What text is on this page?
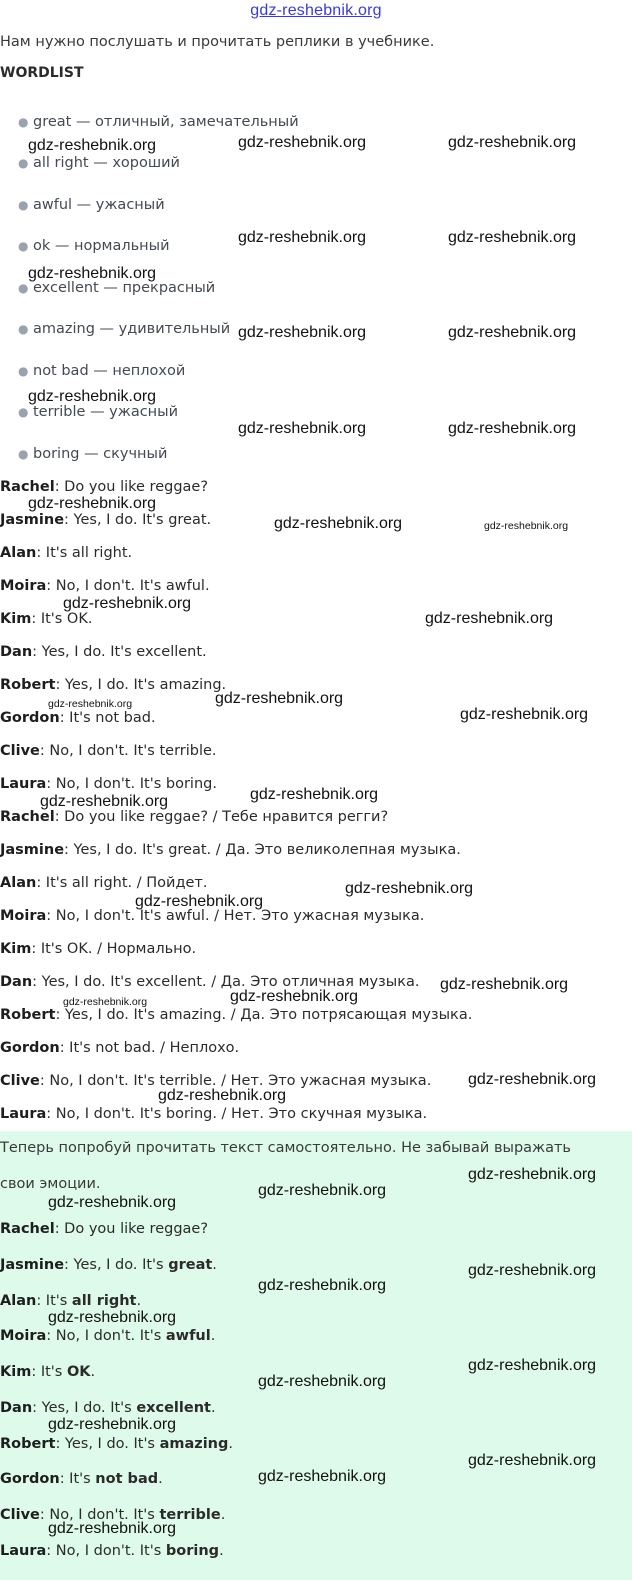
gdz-reshebnik.org
Нам нужно послушать и прочитать реплики в учебнике.
WORDLIST
● great — отличный, замечательный
● all right — хороший
● awful — ужасный
● ok — нормальный
● excellent — прекрасный
● amazing — удивительный
● not bad — неплохой
● terrible — ужасный
● boring — скучный
Rachel: Do you like reggae?
Jasmine: Yes, I do. It's great.
Alan: It's all right.
Moira: No, I don't. It's awful.
Kim: It's OK.
Dan: Yes, I do. It's excellent.
Robert: Yes, I do. It's amazing.
Gordon: It's not bad.
Clive: No, I don't. It's terrible.
Laura: No, I don't. It's boring.
Rachel: Do you like reggae? / Тебе нравится регги?
Jasmine: Yes, I do. It's great. / Да. Это великолепная музыка.
Alan: It's all right. / Пойдет.
Moira: No, I don't. It's awful. / Нет. Это ужасная музыка.
Kim: It's OK. / Нормально.
Dan: Yes, I do. It's excellent. / Да. Это отличная музыка.
Robert: Yes, I do. It's amazing. / Да. Это потрясающая музыка.
Gordon: It's not bad. / Неплохо.
Clive: No, I don't. It's terrible. / Нет. Это ужасная музыка.
Laura: No, I don't. It's boring. / Нет. Это скучная музыка.
Теперь попробуй прочитать текст самостоятельно. Не забывай выражать
свои эмоции.
Rachel: Do you like reggae?
Jasmine: Yes, I do. It's great.
Alan: It's all right.
Moira: No, I don't. It's awful.
Kim: It's OK.
Dan: Yes, I do. It's excellent.
Robert: Yes, I do. It's amazing.
Gordon: It's not bad.
Clive: No, I don't. It's terrible.
Laura: No, I don't. It's boring.
gdz-reshebnik.org	gdz-reshebnik.org	gdz-reshebnik.org
gdz-reshebnik.org	gdz-reshebnik.org
gdz-reshebnik.org
gdz-reshebnik.org	gdz-reshebnik.org
gdz-reshebnik.org
gdz-reshebnik.org	gdz-reshebnik.org
gdz-reshebnik.org
gdz-reshebnik.org	gdz-reshebnik.org
gdz-reshebnik.org
gdz-reshebnik.org
gdz-reshebnik.org
gdz-reshebnik.org
gdz-reshebnik.org
gdz-reshebnik.org
gdz-reshebnik.org
gdz-reshebnik.org
gdz-reshebnik.org
gdz-reshebnik.org
gdz-reshebnik.org
gdz-reshebnik.org
gdz-reshebnik.org
gdz-reshebnik.org
gdz-reshebnik.org
gdz-reshebnik.org
gdz-reshebnik.org
gdz-reshebnik.org
gdz-reshebnik.org
gdz-reshebnik.org
gdz-reshebnik.org
gdz-reshebnik.org
gdz-reshebnik.org
gdz-reshebnik.org
gdz-reshebnik.org
gdz-reshebnik.org
